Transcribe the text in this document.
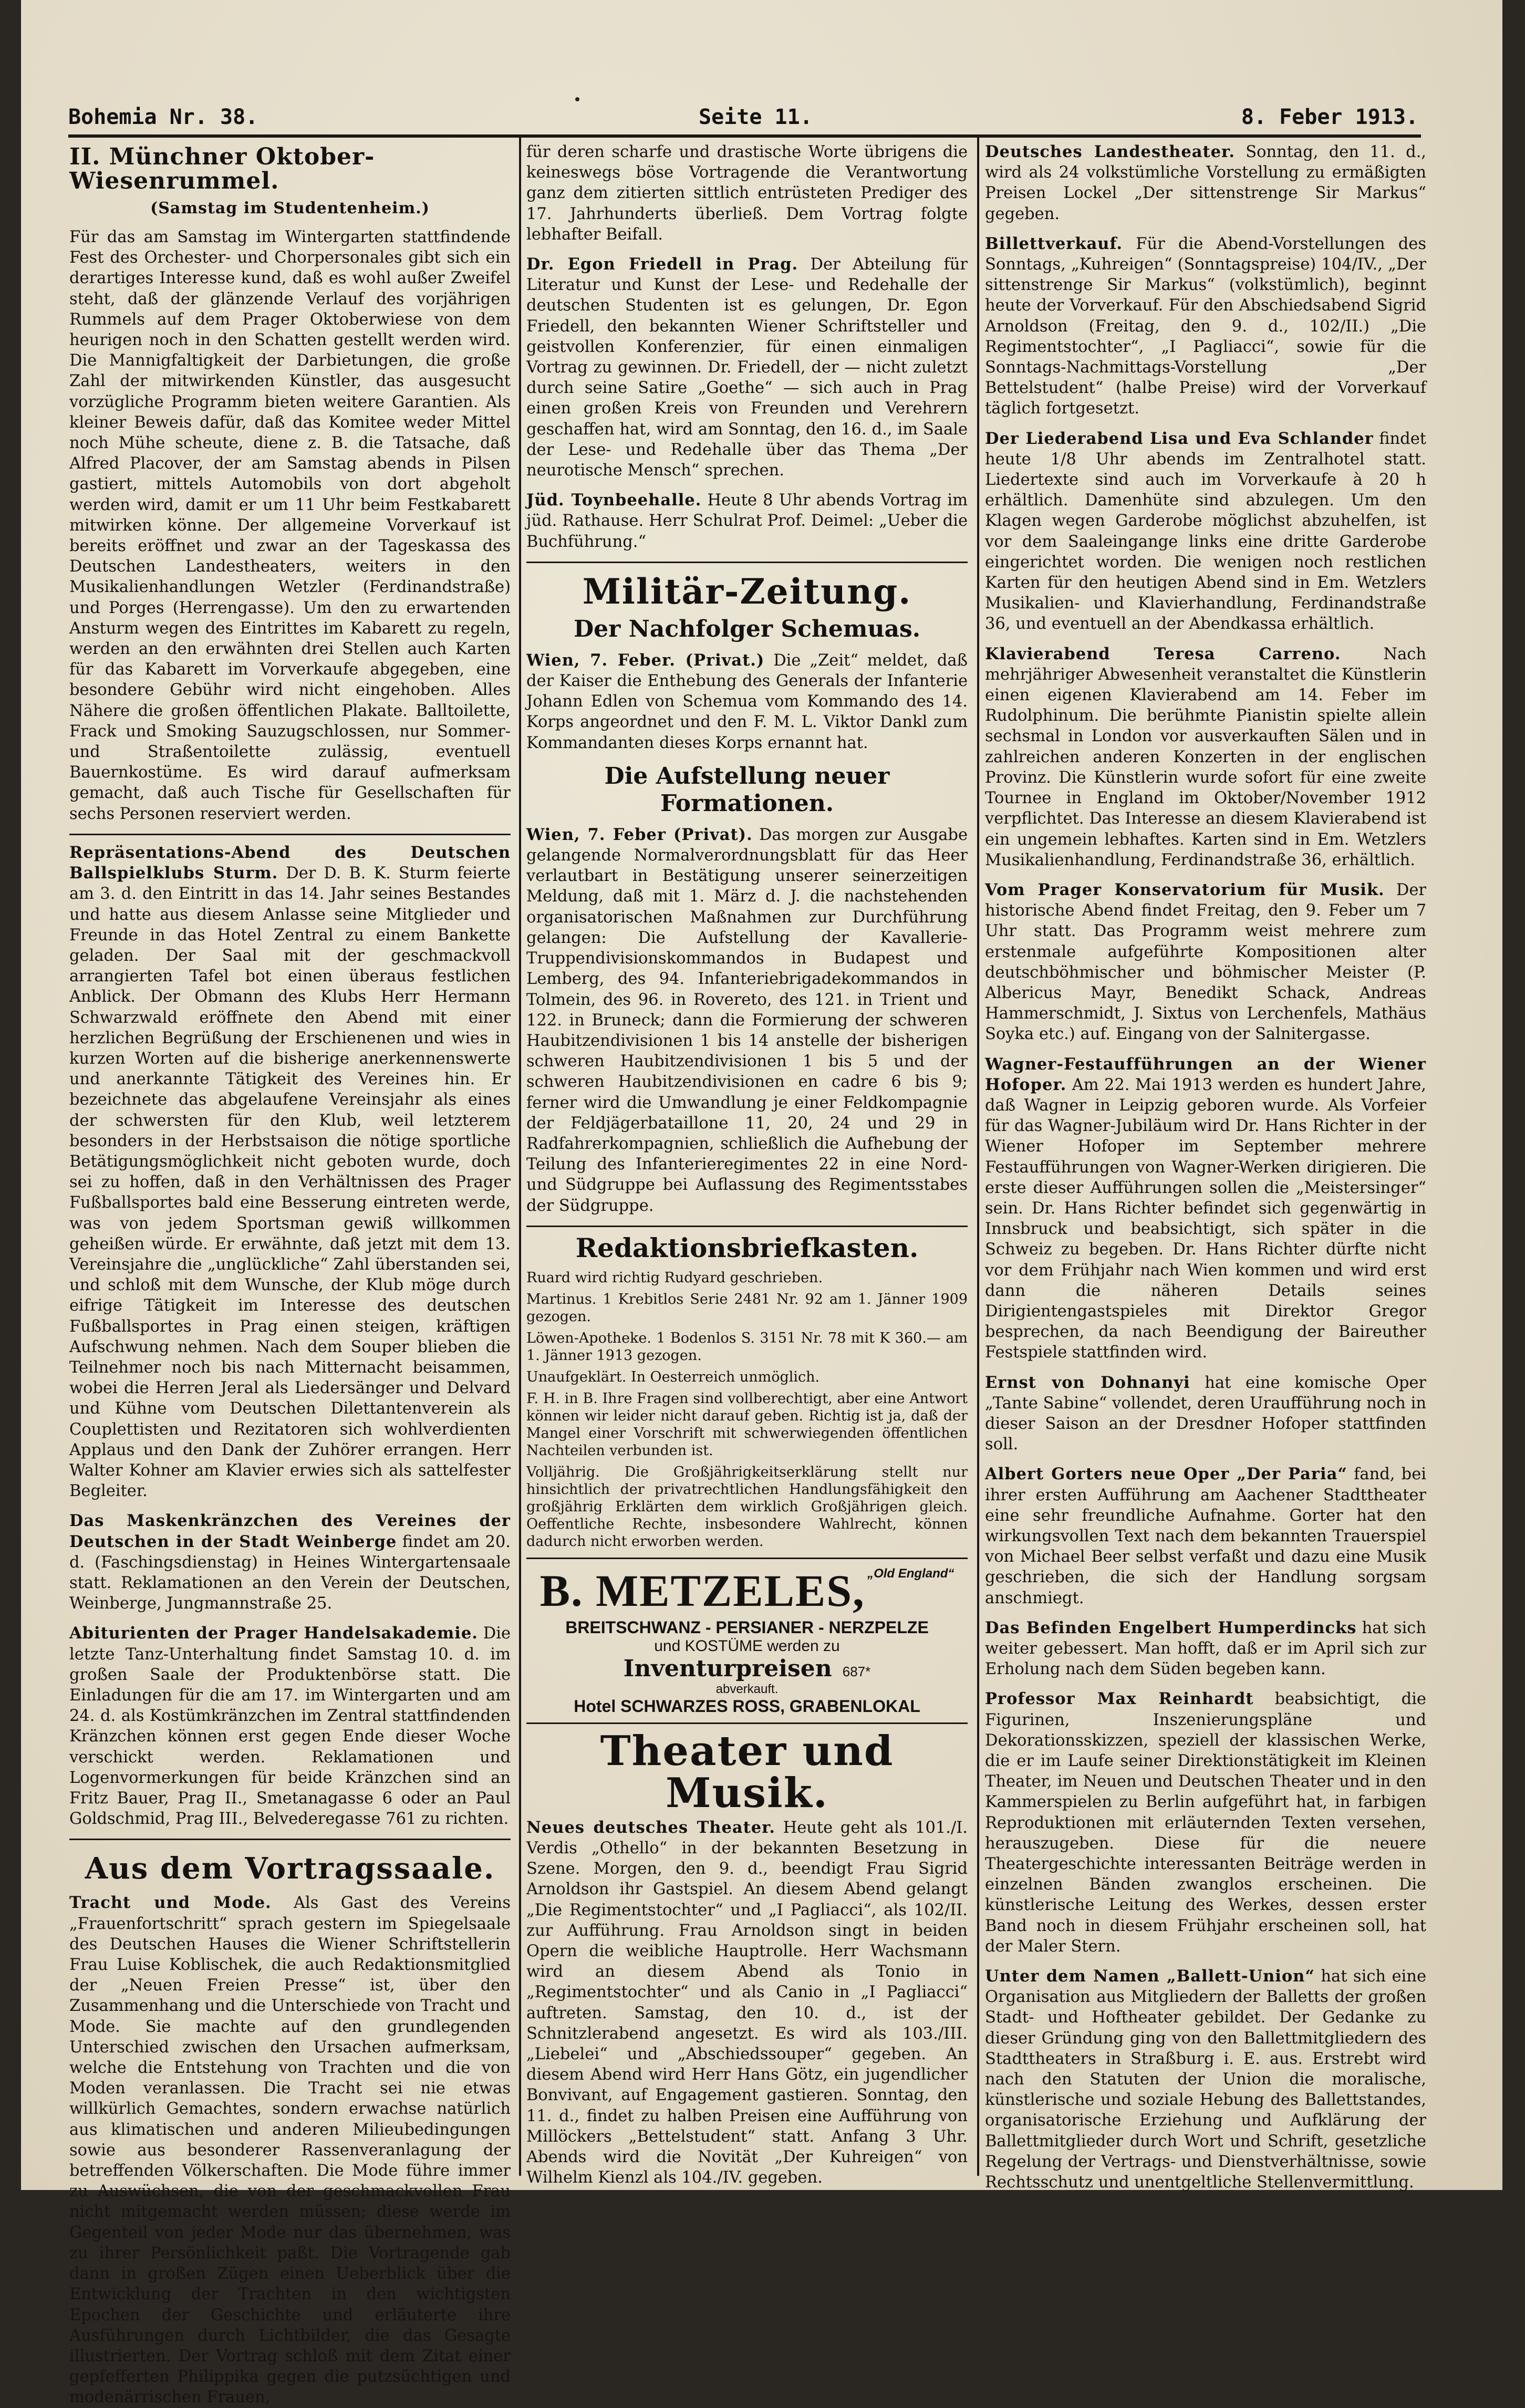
Bohemia Nr. 38.	Seite 11.	8. Feber 1913.
II. Münchner Oktober-Wiesenrummel.
(Samstag im Studentenheim.)

Für das am Samstag im Wintergarten stattfindende Fest des Orchester- und Chorpersonales gibt sich ein derartiges Interesse kund, daß es wohl außer Zweifel steht, daß der glänzende Verlauf des vorjährigen Rummels auf dem Prager Oktoberwiese von dem heurigen noch in den Schatten gestellt werden wird. Die Mannigfaltigkeit der Darbietungen, die große Zahl der mitwirkenden Künstler, das ausgesucht vorzügliche Programm bieten weitere Garantien. Als kleiner Beweis dafür, daß das Komitee weder Mittel noch Mühe scheute, diene z. B. die Tatsache, daß Alfred Placover, der am Samstag abends in Pilsen gastiert, mittels Automobils von dort abgeholt werden wird, damit er um 11 Uhr beim Festkabarett mitwirken könne. Der allgemeine Vorverkauf ist bereits eröffnet und zwar an der Tageskassa des Deutschen Landestheaters, weiters in den Musikalienhandlungen Wetzler (Ferdinandstraße) und Porges (Herrengasse). Um den zu erwartenden Ansturm wegen des Eintrittes im Kabarett zu regeln, werden an den erwähnten drei Stellen auch Karten für das Kabarett im Vorverkaufe abgegeben, eine besondere Gebühr wird nicht eingehoben. Alles Nähere die großen öffentlichen Plakate. Balltoilette, Frack und Smoking Sauzugschlossen, nur Sommer- und Straßentoilette zulässig, eventuell Bauernkostüme. Es wird darauf aufmerksam gemacht, daß auch Tische für Gesellschaften für sechs Personen reserviert werden.

Repräsentations-Abend des Deutschen Ballspielklubs Sturm. Der D. B. K. Sturm feierte am 3. d. den Eintritt in das 14. Jahr seines Bestandes und hatte aus diesem Anlasse seine Mitglieder und Freunde in das Hotel Zentral zu einem Bankette geladen. Der Saal mit der geschmackvoll arrangierten Tafel bot einen überaus festlichen Anblick. Der Obmann des Klubs Herr Hermann Schwarzwald eröffnete den Abend mit einer herzlichen Begrüßung der Erschienenen und wies in kurzen Worten auf die bisherige anerkennenswerte und anerkannte Tätigkeit des Vereines hin. Er bezeichnete das abgelaufene Vereinsjahr als eines der schwersten für den Klub, weil letzterem besonders in der Herbstsaison die nötige sportliche Betätigungsmöglichkeit nicht geboten wurde, doch sei zu hoffen, daß in den Verhältnissen des Prager Fußballsportes bald eine Besserung eintreten werde, was von jedem Sportsman gewiß willkommen geheißen würde. Er erwähnte, daß jetzt mit dem 13. Vereinsjahre die „unglückliche“ Zahl überstanden sei, und schloß mit dem Wunsche, der Klub möge durch eifrige Tätigkeit im Interesse des deutschen Fußballsportes in Prag einen steigen, kräftigen Aufschwung nehmen. Nach dem Souper blieben die Teilnehmer noch bis nach Mitternacht beisammen, wobei die Herren Jeral als Liedersänger und Delvard und Kühne vom Deutschen Dilettantenverein als Couplettisten und Rezitatoren sich wohlverdienten Applaus und den Dank der Zuhörer errangen. Herr Walter Kohner am Klavier erwies sich als sattelfester Begleiter.

Das Maskenkränzchen des Vereines der Deutschen in der Stadt Weinberge findet am 20. d. (Faschingsdienstag) in Heines Wintergartensaale statt. Reklamationen an den Verein der Deutschen, Weinberge, Jungmannstraße 25.

Abiturienten der Prager Handelsakademie. Die letzte Tanz-Unterhaltung findet Samstag 10. d. im großen Saale der Produktenbörse statt. Die Einladungen für die am 17. im Wintergarten und am 24. d. als Kostümkränzchen im Zentral stattfindenden Kränzchen können erst gegen Ende dieser Woche verschickt werden. Reklamationen und Logenvormerkungen für beide Kränzchen sind an Fritz Bauer, Prag II., Smetanagasse 6 oder an Paul Goldschmid, Prag III., Belvederegasse 761 zu richten.

Aus dem Vortragssaale.

Tracht und Mode. Als Gast des Vereins „Frauenfortschritt“ sprach gestern im Spiegelsaale des Deutschen Hauses die Wiener Schriftstellerin Frau Luise Koblischek, die auch Redaktionsmitglied der „Neuen Freien Presse“ ist, über den Zusammenhang und die Unterschiede von Tracht und Mode. Sie machte auf den grundlegenden Unterschied zwischen den Ursachen aufmerksam, welche die Entstehung von Trachten und die von Moden veranlassen. Die Tracht sei nie etwas willkürlich Gemachtes, sondern erwachse natürlich aus klimatischen und anderen Milieubedingungen sowie aus besonderer Rassenveranlagung der betreffenden Völkerschaften. Die Mode führe immer zu Auswüchsen, die von der geschmackvollen Frau nicht mitgemacht werden müssen; diese werde im Gegenteil von jeder Mode nur das übernehmen, was zu ihrer Persönlichkeit paßt. Die Vortragende gab dann in großen Zügen einen Ueberblick über die Entwicklung der Trachten in den wichtigsten Epochen der Geschichte und erläuterte ihre Ausführungen durch Lichtbilder, die das Gesagte illustrierten. Der Vortrag schloß mit dem Zitat einer gepfefferten Philippika gegen die putzsüchtigen und modenärrischen Frauen,

für deren scharfe und drastische Worte übrigens die keineswegs böse Vortragende die Verantwortung ganz dem zitierten sittlich entrüsteten Prediger des 17. Jahrhunderts überließ. Dem Vortrag folgte lebhafter Beifall.

Dr. Egon Friedell in Prag. Der Abteilung für Literatur und Kunst der Lese- und Redehalle der deutschen Studenten ist es gelungen, Dr. Egon Friedell, den bekannten Wiener Schriftsteller und geistvollen Konferenzier, für einen einmaligen Vortrag zu gewinnen. Dr. Friedell, der — nicht zuletzt durch seine Satire „Goethe“ — sich auch in Prag einen großen Kreis von Freunden und Verehrern geschaffen hat, wird am Sonntag, den 16. d., im Saale der Lese- und Redehalle über das Thema „Der neurotische Mensch“ sprechen.

Jüd. Toynbeehalle. Heute 8 Uhr abends Vortrag im jüd. Rathause. Herr Schulrat Prof. Deimel: „Ueber die Buchführung.“

Militär-Zeitung.
Der Nachfolger Schemuas.

Wien, 7. Feber. (Privat.) Die „Zeit“ meldet, daß der Kaiser die Enthebung des Generals der Infanterie Johann Edlen von Schemua vom Kommando des 14. Korps angeordnet und den F. M. L. Viktor Dankl zum Kommandanten dieses Korps ernannt hat.

Die Aufstellung neuer Formationen.

Wien, 7. Feber (Privat). Das morgen zur Ausgabe gelangende Normalverordnungsblatt für das Heer verlautbart in Bestätigung unserer seinerzeitigen Meldung, daß mit 1. März d. J. die nachstehenden organisatorischen Maßnahmen zur Durchführung gelangen: Die Aufstellung der Kavallerie-Truppendivisionskommandos in Budapest und Lemberg, des 94. Infanteriebrigadekommandos in Tolmein, des 96. in Rovereto, des 121. in Trient und 122. in Bruneck; dann die Formierung der schweren Haubitzendivisionen 1 bis 14 anstelle der bisherigen schweren Haubitzendivisionen 1 bis 5 und der schweren Haubitzendivisionen en cadre 6 bis 9; ferner wird die Umwandlung je einer Feldkompagnie der Feldjägerbataillone 11, 20, 24 und 29 in Radfahrerkompagnien, schließlich die Aufhebung der Teilung des Infanterieregimentes 22 in eine Nord- und Südgruppe bei Auflassung des Regimentsstabes der Südgruppe.

Redaktionsbriefkasten.

Ruard wird richtig Rudyard geschrieben.

Martinus. 1 Krebitlos Serie 2481 Nr. 92 am 1. Jänner 1909 gezogen.

Löwen-Apotheke. 1 Bodenlos S. 3151 Nr. 78 mit K 360.— am 1. Jänner 1913 gezogen.

Unaufgeklärt. In Oesterreich unmöglich.

F. H. in B. Ihre Fragen sind vollberechtigt, aber eine Antwort können wir leider nicht darauf geben. Richtig ist ja, daß der Mangel einer Vorschrift mit schwerwiegenden öffentlichen Nachteilen verbunden ist.

Volljährig. Die Großjährigkeitserklärung stellt nur hinsichtlich der privatrechtlichen Handlungsfähigkeit den großjährig Erklärten dem wirklich Großjährigen gleich. Oeffentliche Rechte, insbesondere Wahlrecht, können dadurch nicht erworben werden.

B. METZELES, „Old England“
BREITSCHWANZ - PERSIANER - NERZPELZE
und KOSTÜME werden zu
Inventurpreisen 687*
abverkauft.
Hotel SCHWARZES ROSS, GRABENLOKAL
Theater und Musik.

Neues deutsches Theater. Heute geht als 101./I. Verdis „Othello“ in der bekannten Besetzung in Szene. Morgen, den 9. d., beendigt Frau Sigrid Arnoldson ihr Gastspiel. An diesem Abend gelangt „Die Regimentstochter“ und „I Pagliacci“, als 102/II. zur Aufführung. Frau Arnoldson singt in beiden Opern die weibliche Hauptrolle. Herr Wachsmann wird an diesem Abend als Tonio in „Regimentstochter“ und als Canio in „I Pagliacci“ auftreten. Samstag, den 10. d., ist der Schnitzlerabend angesetzt. Es wird als 103./III. „Liebelei“ und „Abschiedssouper“ gegeben. An diesem Abend wird Herr Hans Götz, ein jugendlicher Bonvivant, auf Engagement gastieren. Sonntag, den 11. d., findet zu halben Preisen eine Aufführung von Millöckers „Bettelstudent“ statt. Anfang 3 Uhr. Abends wird die Novität „Der Kuhreigen“ von Wilhelm Kienzl als 104./IV. gegeben.

Deutsches Landestheater. Sonntag, den 11. d., wird als 24 volkstümliche Vorstellung zu ermäßigten Preisen Lockel „Der sittenstrenge Sir Markus“ gegeben.

Billettverkauf. Für die Abend-Vorstellungen des Sonntags, „Kuhreigen“ (Sonntagspreise) 104/IV., „Der sittenstrenge Sir Markus“ (volkstümlich), beginnt heute der Vorverkauf. Für den Abschiedsabend Sigrid Arnoldson (Freitag, den 9. d., 102/II.) „Die Regimentstochter“, „I Pagliacci“, sowie für die Sonntags-Nachmittags-Vorstellung „Der Bettelstudent“ (halbe Preise) wird der Vorverkauf täglich fortgesetzt.

Der Liederabend Lisa und Eva Schlander findet heute 1/8 Uhr abends im Zentralhotel statt. Liedertexte sind auch im Vorverkaufe à 20 h erhältlich. Damenhüte sind abzulegen. Um den Klagen wegen Garderobe möglichst abzuhelfen, ist vor dem Saaleingange links eine dritte Garderobe eingerichtet worden. Die wenigen noch restlichen Karten für den heutigen Abend sind in Em. Wetzlers Musikalien- und Klavierhandlung, Ferdinandstraße 36, und eventuell an der Abendkassa erhältlich.

Klavierabend Teresa Carreno.	Nach mehrjähriger Abwesenheit veranstaltet die Künstlerin einen eigenen Klavierabend am 14. Feber im Rudolphinum. Die berühmte Pianistin spielte allein sechsmal in London vor ausverkauften Sälen und in zahlreichen anderen Konzerten in der englischen Provinz. Die Künstlerin wurde sofort für eine zweite Tournee in England im Oktober/November 1912 verpflichtet. Das Interesse an diesem Klavierabend ist ein ungemein lebhaftes. Karten sind in Em. Wetzlers Musikalienhandlung, Ferdinandstraße 36, erhältlich.

Vom Prager Konservatorium für Musik. Der historische Abend findet Freitag, den 9. Feber um 7 Uhr statt. Das Programm weist mehrere zum erstenmale aufgeführte Kompositionen alter deutschböhmischer und böhmischer Meister (P. Albericus Mayr, Benedikt Schack, Andreas Hammerschmidt, J. Sixtus von Lerchenfels, Mathäus Soyka etc.) auf. Eingang von der Salnitergasse.

Wagner-Festaufführungen an der Wiener Hofoper. Am 22. Mai 1913 werden es hundert Jahre, daß Wagner in Leipzig geboren wurde. Als Vorfeier für das Wagner-Jubiläum wird Dr. Hans Richter in der Wiener Hofoper im September mehrere Festaufführungen von Wagner-Werken dirigieren. Die erste dieser Aufführungen sollen die „Meistersinger“ sein. Dr. Hans Richter befindet sich gegenwärtig in Innsbruck und beabsichtigt, sich später in die Schweiz zu begeben. Dr. Hans Richter dürfte nicht vor dem Frühjahr nach Wien kommen und wird erst dann die näheren Details seines Dirigientengastspieles mit Direktor Gregor besprechen, da nach Beendigung der Baireuther Festspiele stattfinden wird.

Ernst von Dohnanyi hat eine komische Oper „Tante Sabine“ vollendet, deren Uraufführung noch in dieser Saison an der Dresdner Hofoper stattfinden soll.

Albert Gorters neue Oper „Der Paria“ fand, bei ihrer ersten Aufführung am Aachener Stadttheater eine sehr freundliche Aufnahme. Gorter hat den wirkungsvollen Text nach dem bekannten Trauerspiel von Michael Beer selbst verfaßt und dazu eine Musik geschrieben, die sich der Handlung sorgsam anschmiegt.

Das Befinden Engelbert Humperdincks hat sich weiter gebessert. Man hofft, daß er im April sich zur Erholung nach dem Süden begeben kann.

Professor Max Reinhardt beabsichtigt, die Figurinen, Inszenierungspläne und Dekorationsskizzen, speziell der klassischen Werke, die er im Laufe seiner Direktionstätigkeit im Kleinen Theater, im Neuen und Deutschen Theater und in den Kammerspielen zu Berlin aufgeführt hat, in farbigen Reproduktionen mit erläuternden Texten versehen, herauszugeben. Diese für die neuere Theatergeschichte interessanten Beiträge werden in einzelnen Bänden zwanglos erscheinen. Die künstlerische Leitung des Werkes, dessen erster Band noch in diesem Frühjahr erscheinen soll, hat der Maler Stern.

Unter dem Namen „Ballett-Union“ hat sich eine Organisation aus Mitgliedern der Balletts der großen Stadt- und Hoftheater gebildet. Der Gedanke zu dieser Gründung ging von den Ballettmitgliedern des Stadttheaters in Straßburg i. E. aus. Erstrebt wird nach den Statuten der Union die moralische, künstlerische und soziale Hebung des Ballettstandes, organisatorische Erziehung und Aufklärung der Ballettmitglieder durch Wort und Schrift, gesetzliche Regelung der Vertrags- und Dienstverhältnisse, sowie Rechtsschutz und unentgeltliche Stellenvermittlung.
